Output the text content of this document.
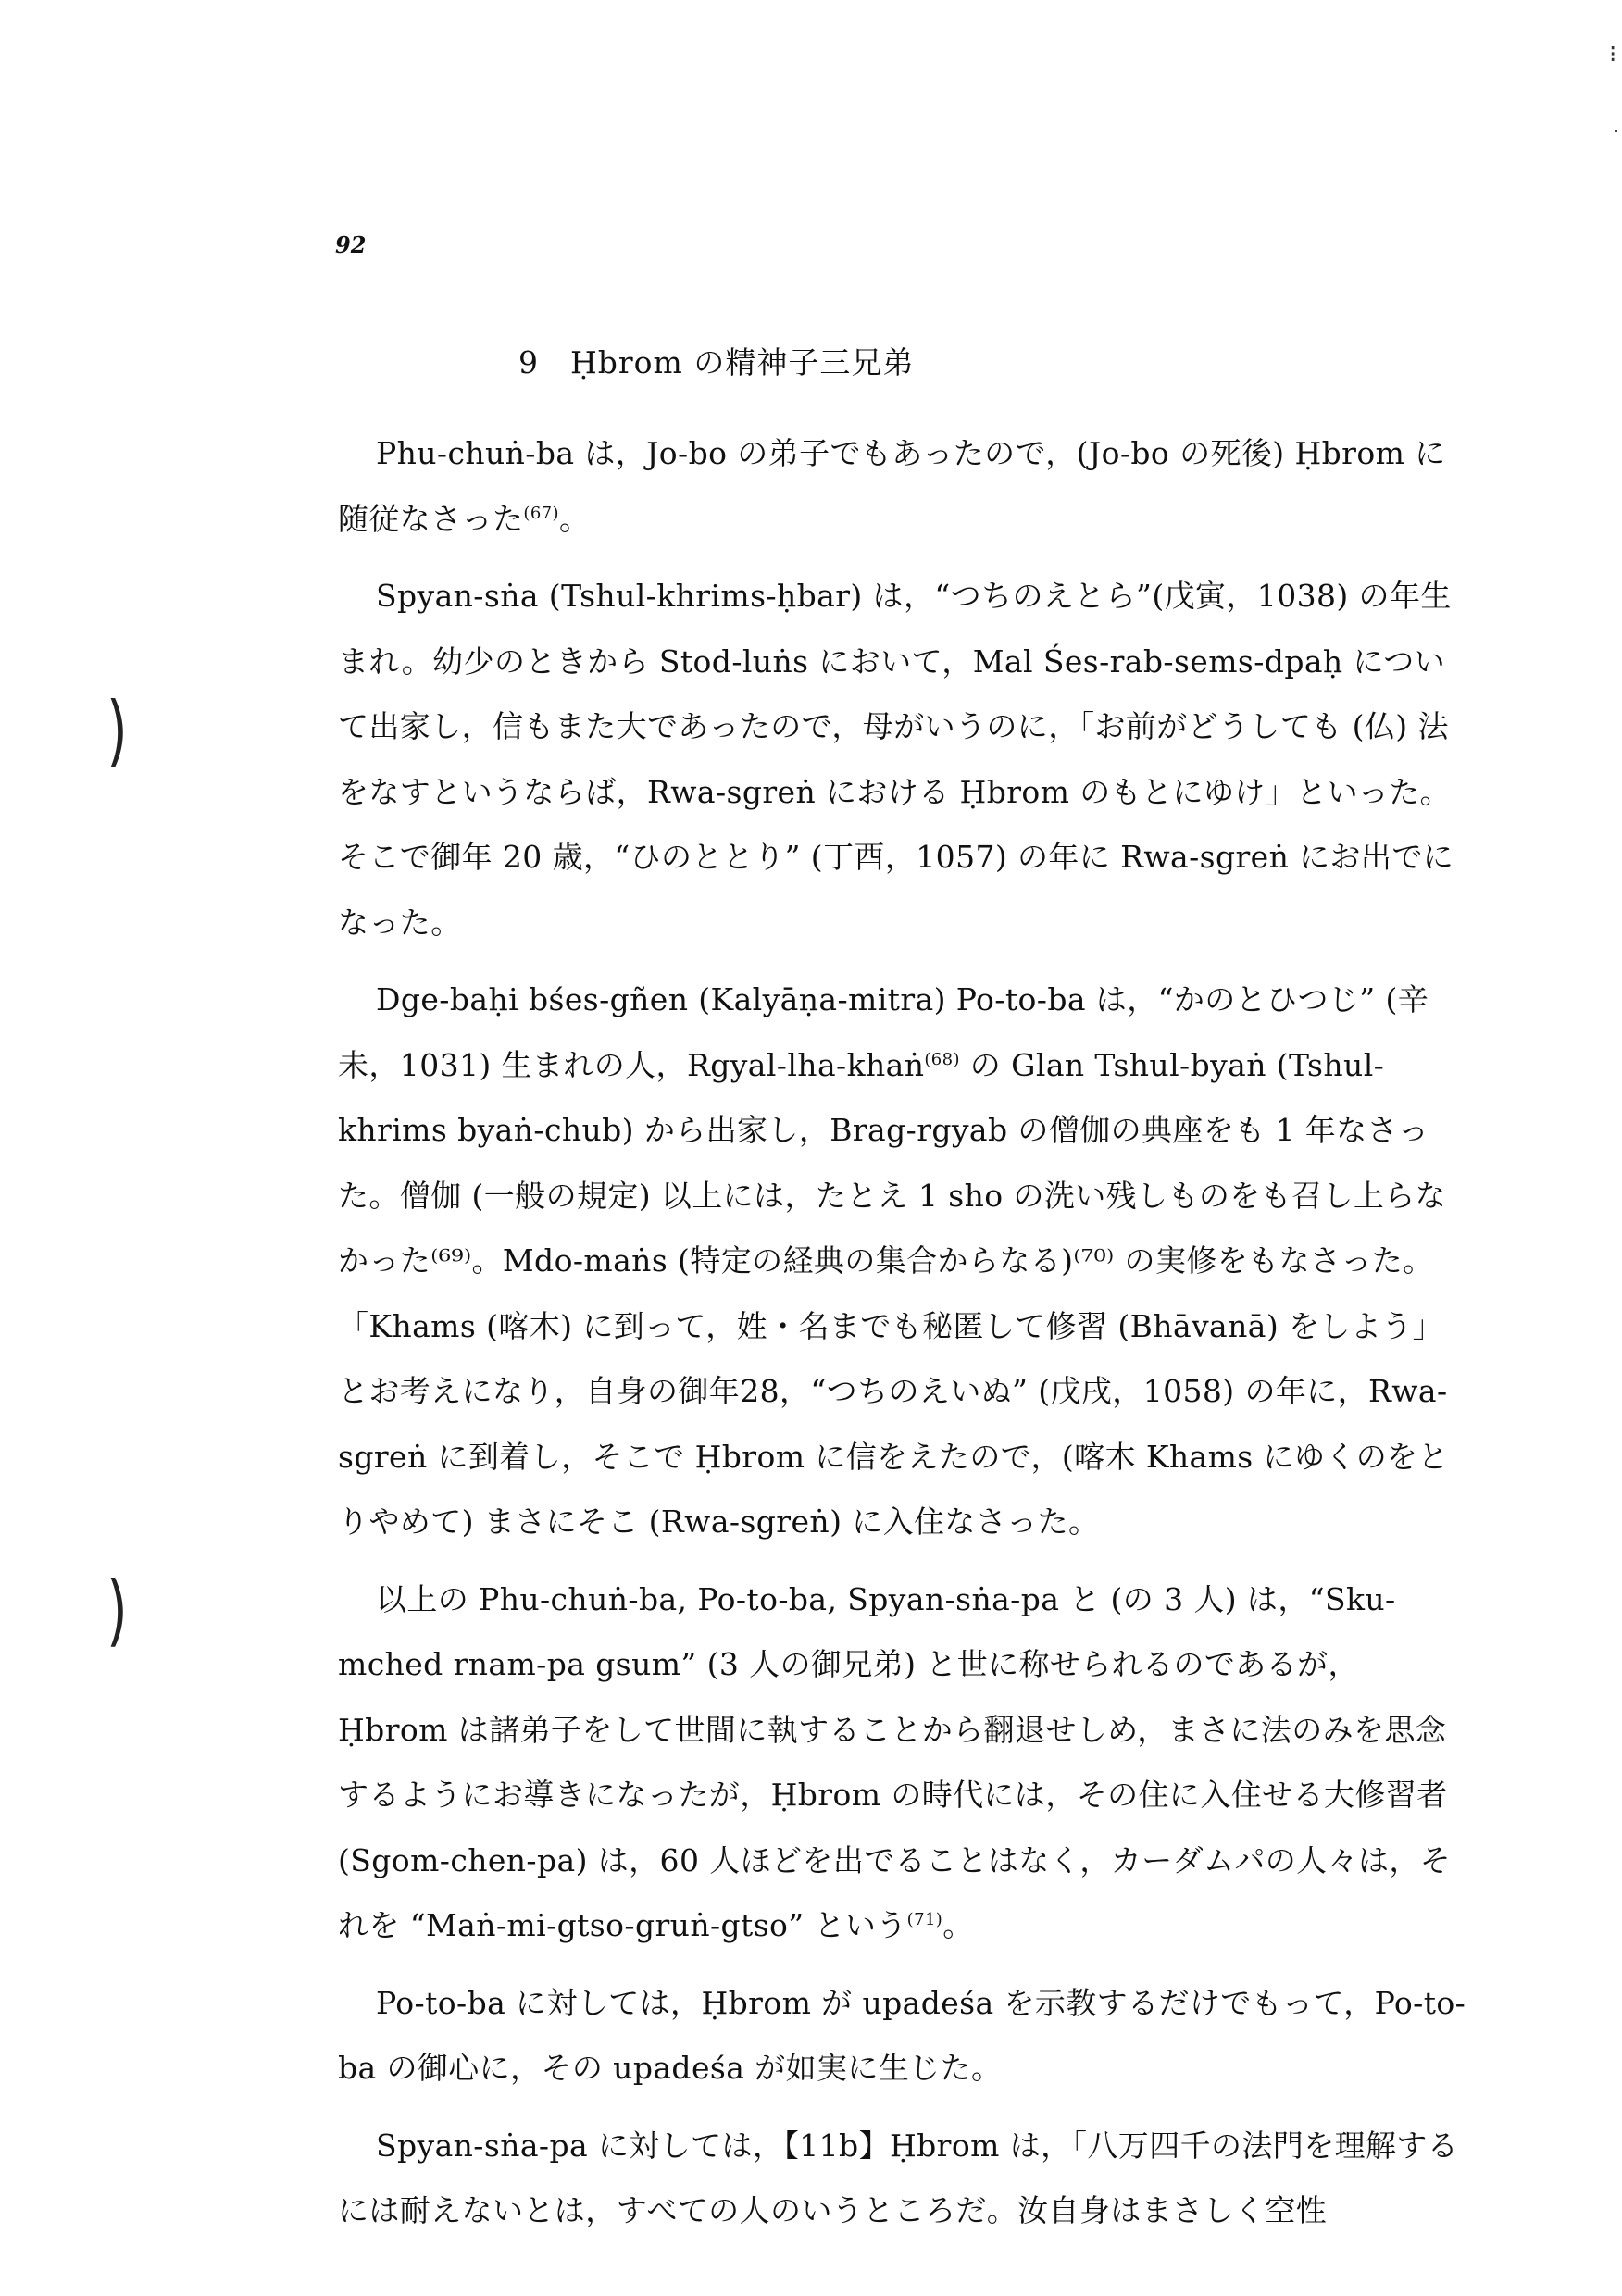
⁝
92
9　Ḥbrom の精神子三兄弟

Phu-chuṅ-ba は，Jo-bo の弟子でもあったので，(Jo-bo の死後) Ḥbrom に随従なさった$^{(67)}$。

Spyan-sṅa (Tshul-khrims-ḥbar) は，“つちのえとら”(戊寅，1038) の年生まれ。幼少のときから Stod-luṅs において，Mal Śes-rab-sems-dpaḥ について出家し，信もまた大であったので，母がいうのに，「お前がどうしても (仏) 法をなすというならば，Rwa-sgreṅ における Ḥbrom のもとにゆけ」といった。そこで御年 20 歳，“ひのととり” (丁酉，1057) の年に Rwa-sgreṅ にお出でになった。

Dge-baḥi bśes-gñen (Kalyāṇa-mitra) Po-to-ba は，“かのとひつじ” (辛未，1031) 生まれの人，Rgyal-lha-khaṅ$^{(68)}$ の Glan Tshul-byaṅ (Tshul-khrims byaṅ-chub) から出家し，Brag-rgyab の僧伽の典座をも 1 年なさった。僧伽 (一般の規定) 以上には，たとえ 1 sho の洗い残しものをも召し上らなかった⁽⁶⁹⁾。Mdo-maṅs (特定の経典の集合からなる)⁽⁷⁰⁾ の実修をもなさった。「Khams (喀木) に到って，姓・名までも秘匿して修習 (Bhāvanā) をしよう」とお考えになり，自身の御年28，“つちのえいぬ” (戊戌，1058) の年に，Rwa-sgreṅ に到着し，そこで Ḥbrom に信をえたので，(喀木 Khams にゆくのをとりやめて) まさにそこ (Rwa-sgreṅ) に入住なさった。

以上の Phu-chuṅ-ba, Po-to-ba, Spyan-sṅa-pa と (の 3 人) は，“Sku-mched rnam-pa gsum” (3 人の御兄弟) と世に称せられるのであるが，Ḥbrom は諸弟子をして世間に執することから翻退せしめ，まさに法のみを思念するようにお導きになったが，Ḥbrom の時代には，その住に入住せる大修習者 (Sgom-chen-pa) は，60 人ほどを出でることはなく，カーダムパの人々は，それを “Maṅ-mi-gtso-gruṅ-gtso” という$^{(71)}$。

Po-to-ba に対しては，Ḥbrom が upadeśa を示教するだけでもって，Po-to-ba の御心に，その upadeśa が如実に生じた。

Spyan-sṅa-pa に対しては，【11b】Ḥbrom は，「八万四千の法門を理解するには耐えないとは，すべての人のいうところだ。汝自身はまさしく空性

)
)
